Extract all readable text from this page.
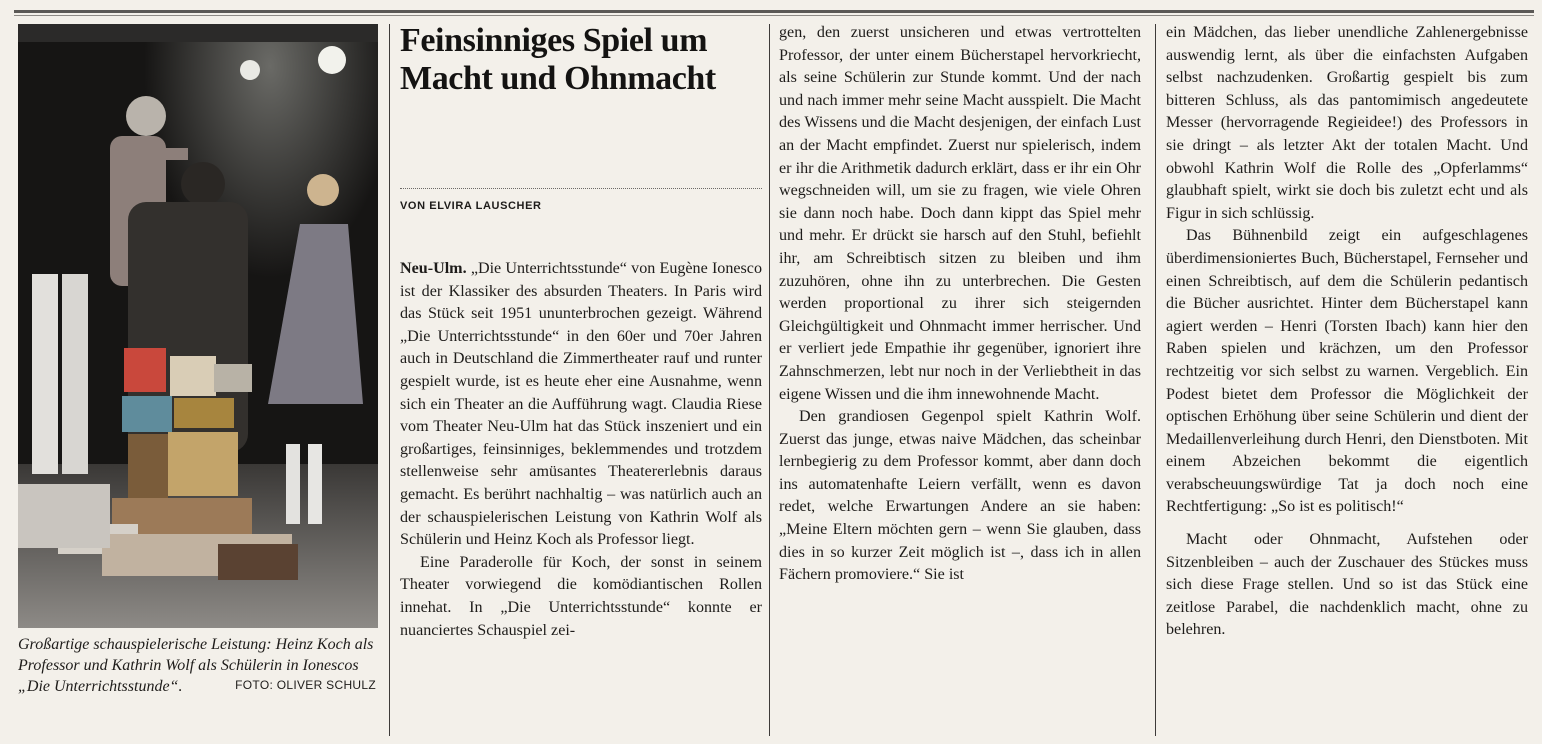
Großartige schauspielerische Leistung: Heinz Koch als Professor und Kathrin Wolf als Schülerin in Ionescos „Die Unterrichtsstunde“.	FOTO: OLIVER SCHULZ
Feinsinniges Spiel um Macht und Ohnmacht
VON ELVIRA LAUSCHER

Neu-Ulm. „Die Unterrichtsstunde“ von Eugène Ionesco ist der Klassiker des absurden Theaters. In Paris wird das Stück seit 1951 ununterbrochen gezeigt. Während „Die Unterrichtsstunde“ in den 60er und 70er Jahren auch in Deutschland die Zimmertheater rauf und runter gespielt wurde, ist es heute eher eine Ausnahme, wenn sich ein Theater an die Aufführung wagt. Claudia Riese vom Theater Neu-Ulm hat das Stück inszeniert und ein großartiges, feinsinniges, beklemmendes und trotzdem stellenweise sehr amüsantes Theatererlebnis daraus gemacht. Es berührt nachhaltig – was natürlich auch an der schauspielerischen Leistung von Kathrin Wolf als Schülerin und Heinz Koch als Professor liegt.

Eine Paraderolle für Koch, der sonst in seinem Theater vorwiegend die komödiantischen Rollen innehat. In „Die Unterrichtsstunde“ konnte er nuanciertes Schauspiel zei-

gen, den zuerst unsicheren und etwas vertrottelten Professor, der unter einem Bücherstapel hervorkriecht, als seine Schülerin zur Stunde kommt. Und der nach und nach immer mehr seine Macht ausspielt. Die Macht des Wissens und die Macht desjenigen, der einfach Lust an der Macht empfindet. Zuerst nur spielerisch, indem er ihr die Arithmetik dadurch erklärt, dass er ihr ein Ohr wegschneiden will, um sie zu fragen, wie viele Ohren sie dann noch habe. Doch dann kippt das Spiel mehr und mehr. Er drückt sie harsch auf den Stuhl, befiehlt ihr, am Schreibtisch sitzen zu bleiben und ihm zuzuhören, ohne ihn zu unterbrechen. Die Gesten werden proportional zu ihrer sich steigernden Gleichgültigkeit und Ohnmacht immer herrischer. Und er verliert jede Empathie ihr gegenüber, ignoriert ihre Zahnschmerzen, lebt nur noch in der Verliebtheit in das eigene Wissen und die ihm innewohnende Macht.

Den grandiosen Gegenpol spielt Kathrin Wolf. Zuerst das junge, etwas naive Mädchen, das scheinbar lernbegierig zu dem Professor kommt, aber dann doch ins automatenhafte Leiern verfällt, wenn es davon redet, welche Erwartungen Andere an sie haben: „Meine Eltern möchten gern – wenn Sie glauben, dass dies in so kurzer Zeit möglich ist –, dass ich in allen Fächern promoviere.“ Sie ist

ein Mädchen, das lieber unendliche Zahlenergebnisse auswendig lernt, als über die einfachsten Aufgaben selbst nachzudenken. Großartig gespielt bis zum bitteren Schluss, als das pantomimisch angedeutete Messer (hervorragende Regieidee!) des Professors in sie dringt – als letzter Akt der totalen Macht. Und obwohl Kathrin Wolf die Rolle des „Opferlamms“ glaubhaft spielt, wirkt sie doch bis zuletzt echt und als Figur in sich schlüssig.

Das Bühnenbild zeigt ein aufgeschlagenes überdimensioniertes Buch, Bücherstapel, Fernseher und einen Schreibtisch, auf dem die Schülerin pedantisch die Bücher ausrichtet. Hinter dem Bücherstapel kann agiert werden – Henri (Torsten Ibach) kann hier den Raben spielen und krächzen, um den Professor rechtzeitig vor sich selbst zu warnen. Vergeblich. Ein Podest bietet dem Professor die Möglichkeit der optischen Erhöhung über seine Schülerin und dient der Medaillenverleihung durch Henri, den Dienstboten. Mit einem Abzeichen bekommt die eigentlich verabscheuungswürdige Tat ja doch noch eine Rechtfertigung: „So ist es politisch!“

Macht oder Ohnmacht, Aufstehen oder Sitzenbleiben – auch der Zuschauer des Stückes muss sich diese Frage stellen. Und so ist das Stück eine zeitlose Parabel, die nachdenklich macht, ohne zu belehren.
